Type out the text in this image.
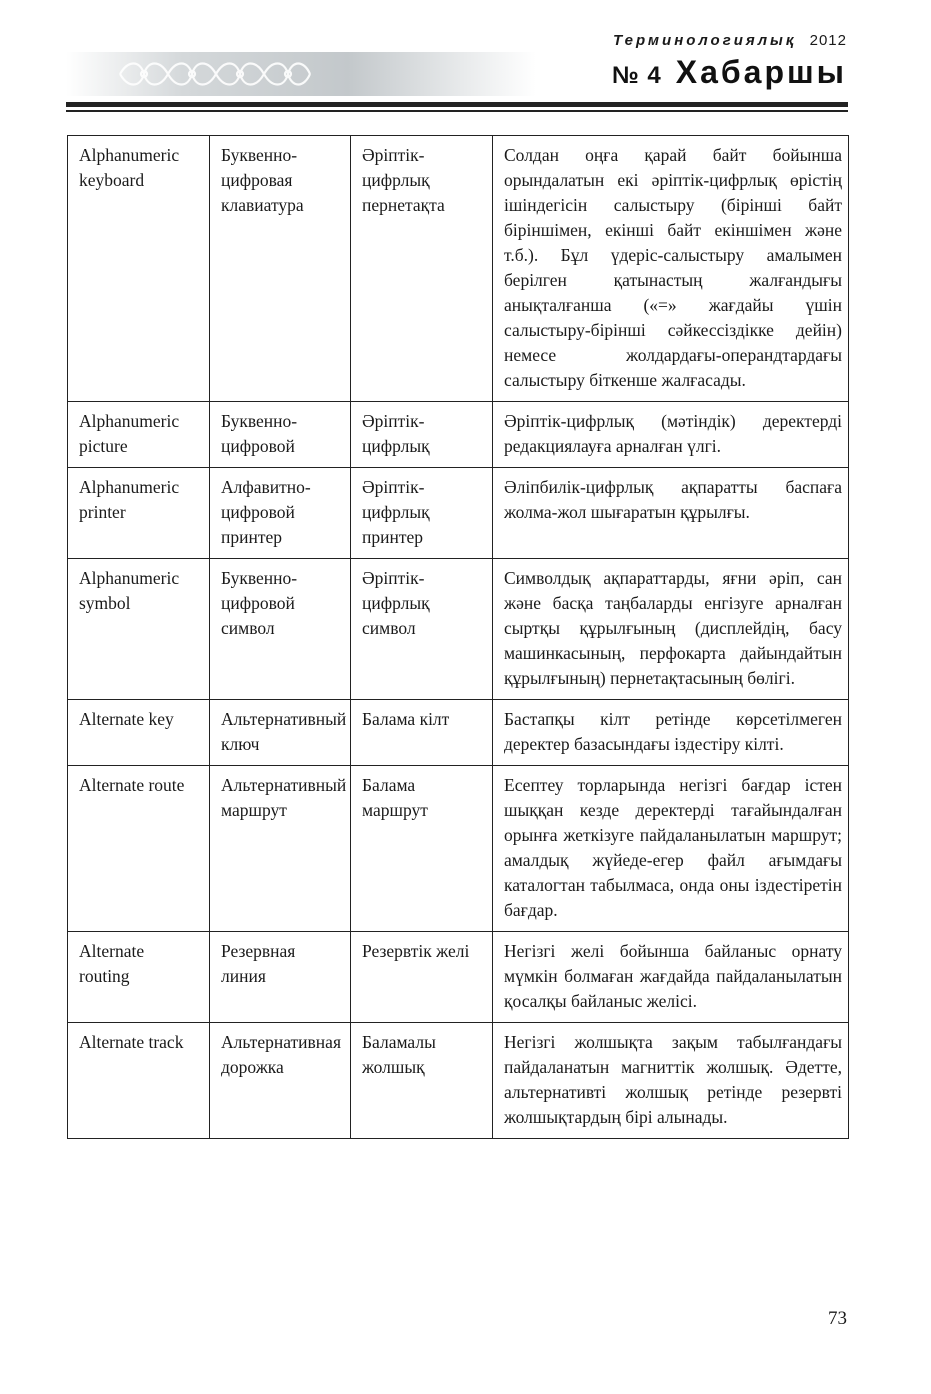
Терминологиялық 2012
№ 4 Хабаршы
Alphanumeric keyboard	Буквенно-цифровая клавиатура	Әріптік-цифрлық пернетақта	Солдан оңға қарай байт бойынша орындалатын екі әріптік-цифрлық өрістің ішіндегісін салыстыру (бірінші байт біріншімен, екінші байт екіншімен және т.б.). Бұл үдеріс-салыстыру амалымен берілген қатынастың жалғандығы анықталғанша («=» жағдайы үшін салыстыру-бірінші сәйкессіздікке дейін) немесе жолдардағы-операндтардағы салыстыру біткенше жалғасады.
Alphanumeric picture	Буквенно-цифровой	Әріптік-цифрлық	Әріптік-цифрлық (мәтіндік) деректерді редакциялауға арналған үлгі.
Alphanumeric printer	Алфавитно-цифровой принтер	Әріптік-цифрлық принтер	Әліпбилік-цифрлық ақпаратты баспаға жолма-жол шығаратын құрылғы.
Alphanumeric symbol	Буквенно-цифровой символ	Әріптік-цифрлық символ	Символдық ақпараттарды, яғни әріп, сан және басқа таңбаларды енгізуге арналған сыртқы құрылғының (дисплейдің, басу машинкасының, перфокарта дайындайтын құрылғының) пернетақтасының бөлігі.
Alternate key	Альтернативный ключ	Балама кілт	Бастапқы кілт ретінде көрсетілмеген деректер базасындағы іздестіру кілті.
Alternate route	Альтернативный маршрут	Балама маршрут	Есептеу торларында негізгі бағдар істен шыққан кезде деректерді тағайындалған орынға жеткізуге пайдаланылатын маршрут; амалдық жүйеде-егер файл ағымдағы каталогтан табылмаса, онда оны іздестіретін бағдар.
Alternate routing	Резервная линия	Резервтік желі	Негізгі желі бойынша байланыс орнату мүмкін болмаған жағдайда пайдаланылатын қосалқы байланыс желісі.
Alternate track	Альтернативная дорожка	Баламалы жолшық	Негізгі жолшықта зақым табылғандағы пайдаланатын магниттік жолшық. Әдетте, альтернативті жолшық ретінде резервті жолшықтардың бірі алынады.
73
